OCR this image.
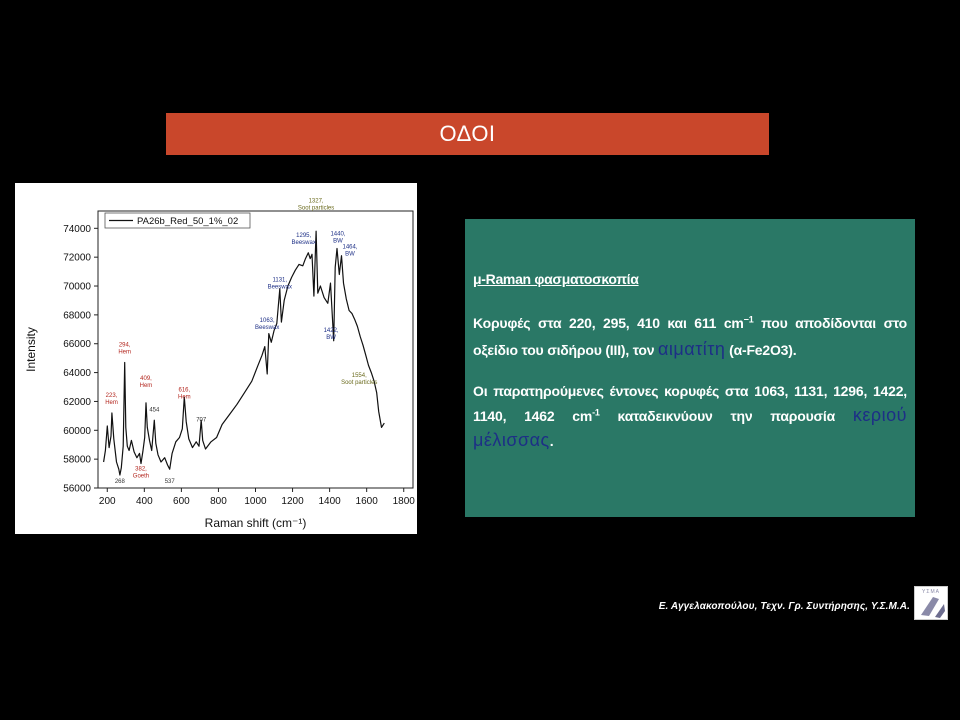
ΟΔΟΙ
200 400 600 800 1000 1200 1400 1600 1800
56000
58000
60000
62000
64000
66000
68000
70000
72000
74000
Raman shift (cm⁻¹)
Intensity
PA26b_Red_50_1%_02
223,
Hem
268
294,
Hem
382,
Goeth
409,
Hem
454
537
616,
Hem
707
1063,
Beeswax
1131,
Beeswax
1295,
Beeswax
1327,
Soot particles
1440,
BW
1464,
BW
1422,
BW
1554,
Soot particles
μ-Raman φασματοσκοπία

Κορυφές στα 220, 295, 410 και 611 $cm^{-1}$ που αποδίδονται στο οξείδιο του σιδήρου (ΙΙΙ), τον αιματίτη (α-Fe2O3).

Οι παρατηρούμενες έντονες κορυφές στα 1063, 1131, 1296, 1422, 1140, 1462 $cm^{-1}$ καταδεικνύουν την παρουσία κεριού μέλισσας.

Ε. Αγγελακοπούλου, Τεχν. Γρ. Συντήρησης, Υ.Σ.Μ.Α.
ΥΣΜΑ
